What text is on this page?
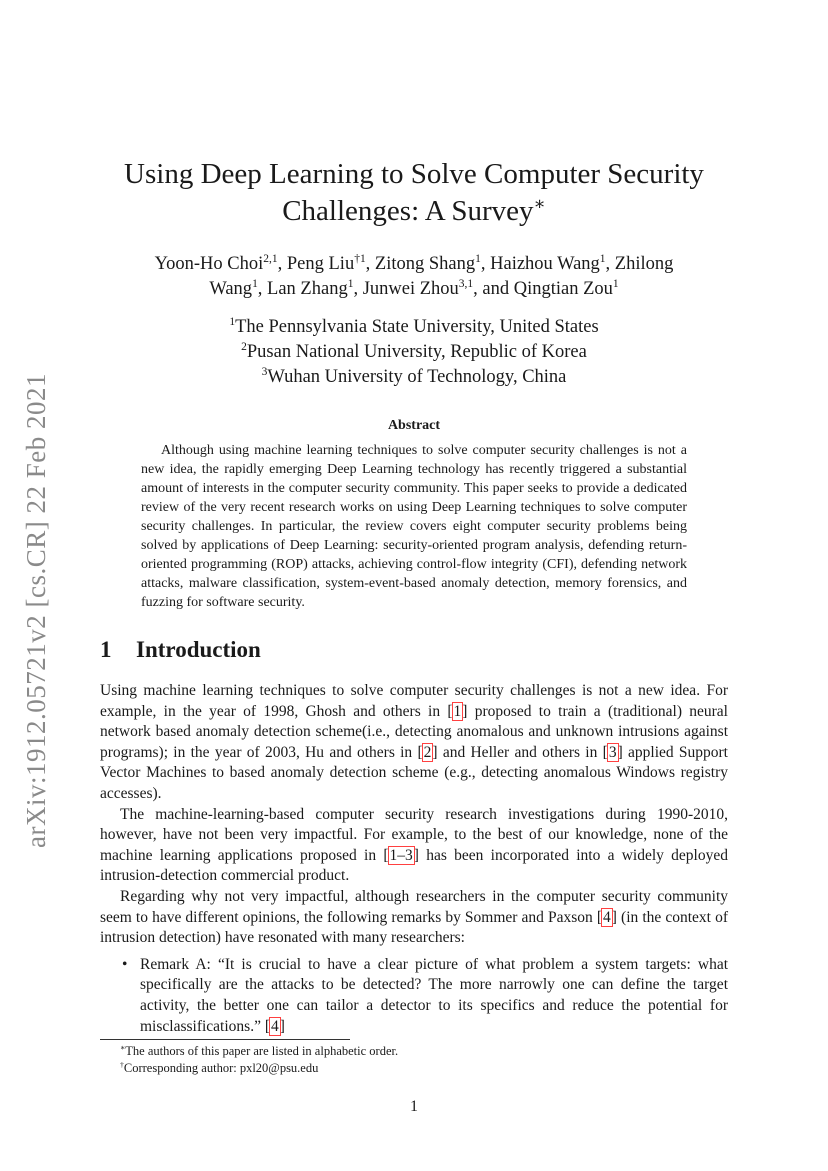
arXiv:1912.05721v2 [cs.CR] 22 Feb 2021
Using Deep Learning to Solve Computer Security
Challenges: A Survey∗
Yoon-Ho Choi$^{2,1}$, Peng Liu$^{\dagger 1}$, Zitong Shang$^1$, Haizhou Wang$^1$, Zhilong
Wang$^1$, Lan Zhang$^1$, Junwei Zhou$^{3,1}$, and Qingtian Zou$^1$
$^1$The Pennsylvania State University, United States
$^2$Pusan National University, Republic of Korea
$^3$Wuhan University of Technology, China
Abstract

Although using machine learning techniques to solve computer security challenges is not a new idea, the rapidly emerging Deep Learning technology has recently triggered a substantial amount of interests in the computer security community. This paper seeks to provide a dedicated review of the very recent research works on using Deep Learning techniques to solve computer security challenges. In particular, the review covers eight computer security problems being solved by applications of Deep Learning: security-oriented program analysis, defending return-oriented programming (ROP) attacks, achieving control-flow integrity (CFI), defending network attacks, malware classification, system-event-based anomaly detection, memory forensics, and fuzzing for software security.

1 Introduction

Using machine learning techniques to solve computer security challenges is not a new idea. For example, in the year of 1998, Ghosh and others in [1] proposed to train a (traditional) neural network based anomaly detection scheme(i.e., detecting anomalous and unknown intrusions against programs); in the year of 2003, Hu and others in [2] and Heller and others in [3] applied Support Vector Machines to based anomaly detection scheme (e.g., detecting anomalous Windows registry accesses).

The machine-learning-based computer security research investigations during 1990-2010, however, have not been very impactful. For example, to the best of our knowledge, none of the machine learning applications proposed in [1–3] has been incorporated into a widely deployed intrusion-detection commercial product.

Regarding why not very impactful, although researchers in the computer security community seem to have different opinions, the following remarks by Sommer and Paxson [4] (in the context of intrusion detection) have resonated with many researchers:

• Remark A: “It is crucial to have a clear picture of what problem a system targets: what specifically are the attacks to be detected? The more narrowly one can define the target activity, the better one can tailor a detector to its specifics and reduce the potential for misclassifications.” [4]
∗The authors of this paper are listed in alphabetic order.
†Corresponding author: pxl20@psu.edu
1
